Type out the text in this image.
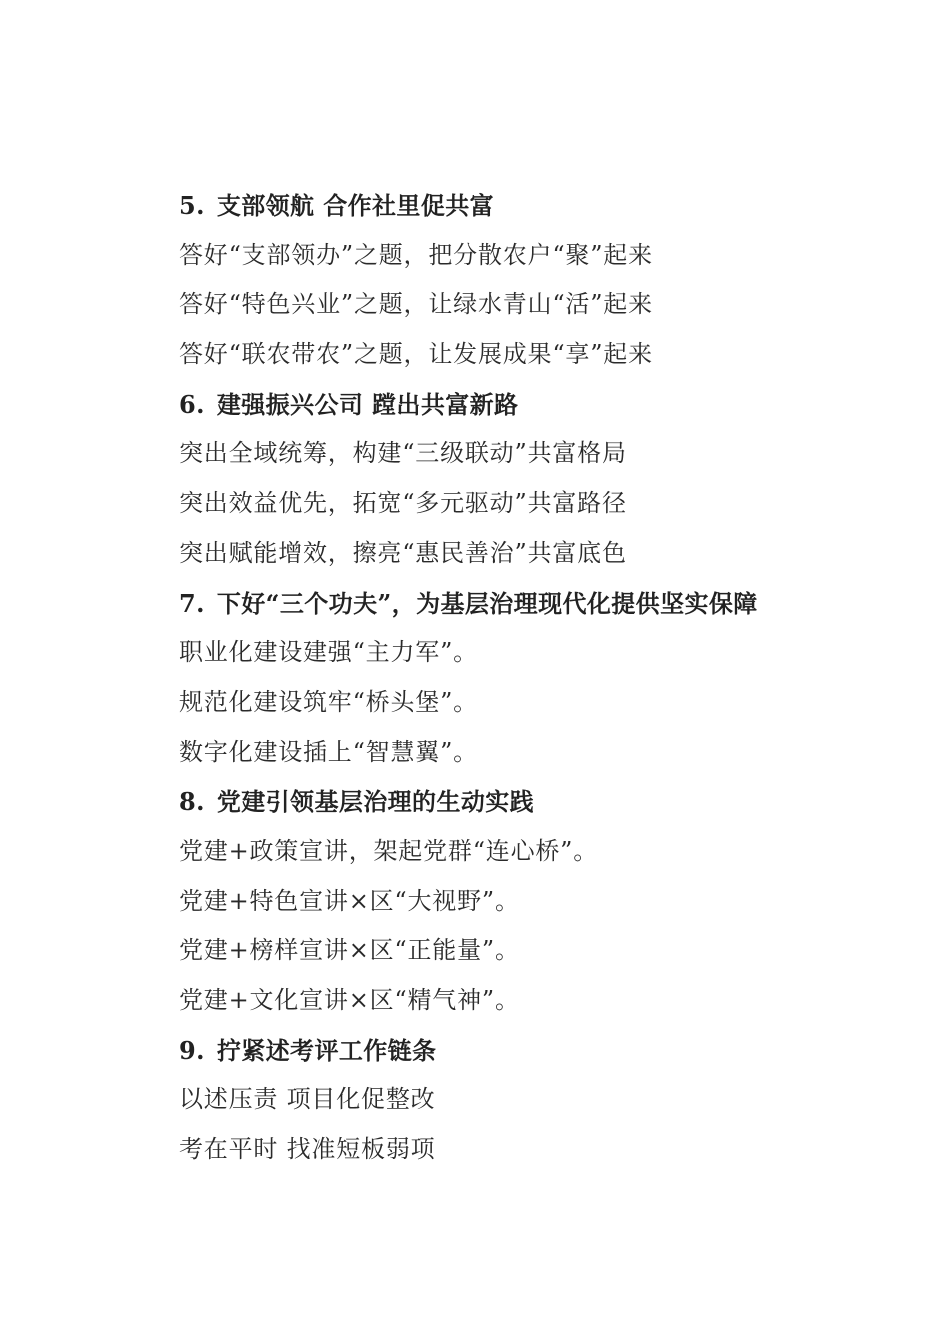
5. 支部领航 合作社里促共富
答好“支部领办”之题，把分散农户“聚”起来
答好“特色兴业”之题，让绿水青山“活”起来
答好“联农带农”之题，让发展成果“享”起来
6. 建强振兴公司 蹚出共富新路
突出全域统筹，构建“三级联动”共富格局
突出效益优先，拓宽“多元驱动”共富路径
突出赋能增效，擦亮“惠民善治”共富底色
7. 下好“三个功夫”，为基层治理现代化提供坚实保障
职业化建设建强“主力军”。
规范化建设筑牢“桥头堡”。
数字化建设插上“智慧翼”。
8. 党建引领基层治理的生动实践
党建+政策宣讲，架起党群“连心桥”。
党建+特色宣讲×区“大视野”。
党建+榜样宣讲×区“正能量”。
党建+文化宣讲×区“精气神”。
9. 拧紧述考评工作链条
以述压责 项目化促整改
考在平时 找准短板弱项
